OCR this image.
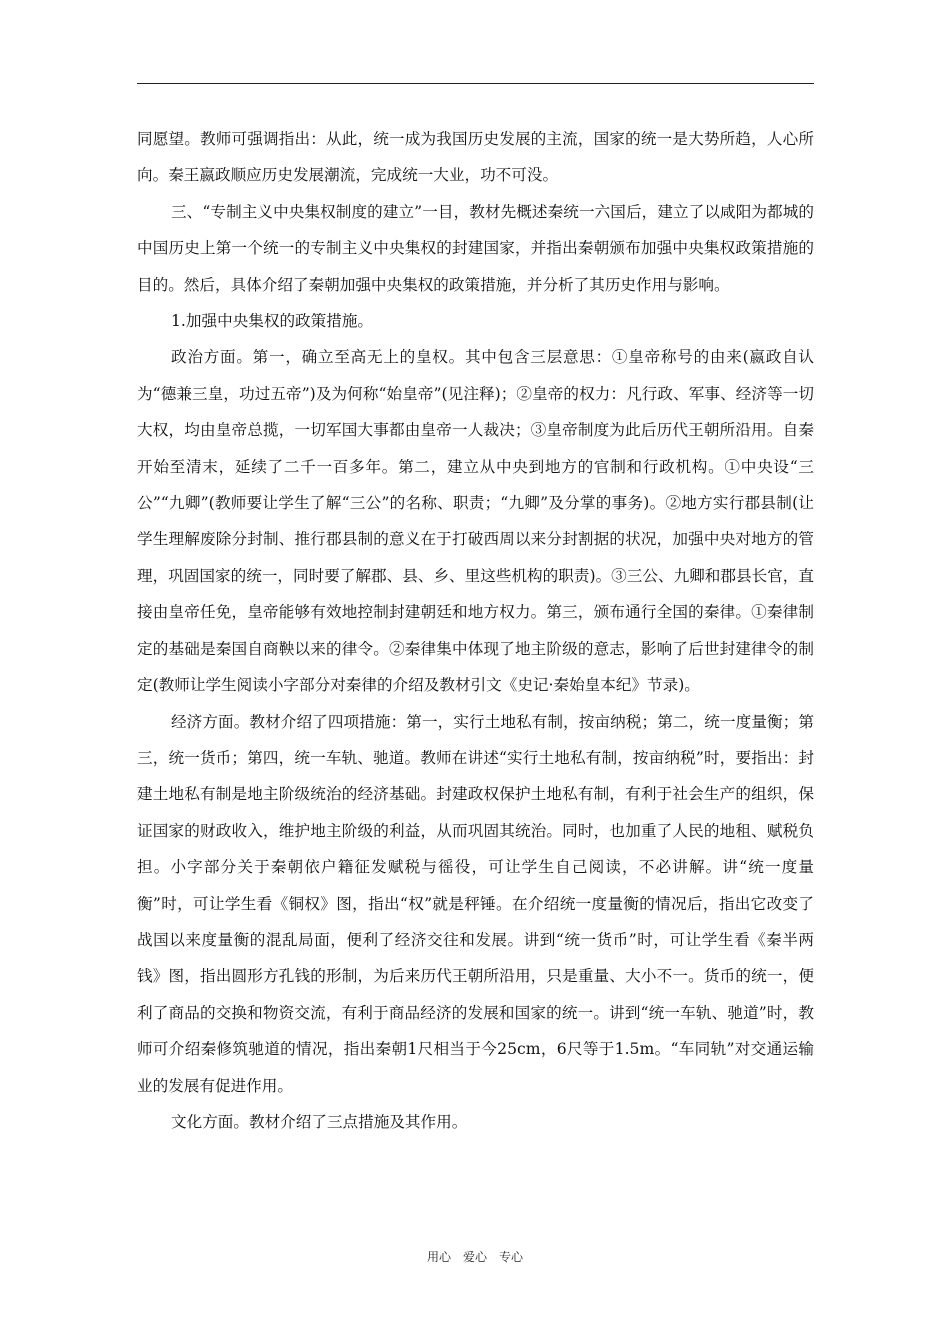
同愿望。教师可强调指出：从此，统一成为我国历史发展的主流，国家的统一是大势所趋，人心所向。秦王嬴政顺应历史发展潮流，完成统一大业，功不可没。

三、“专制主义中央集权制度的建立”一目，教材先概述秦统一六国后，建立了以咸阳为都城的中国历史上第一个统一的专制主义中央集权的封建国家，并指出秦朝颁布加强中央集权政策措施的目的。然后，具体介绍了秦朝加强中央集权的政策措施，并分析了其历史作用与影响。

1.加强中央集权的政策措施。

政治方面。第一，确立至高无上的皇权。其中包含三层意思：①皇帝称号的由来(嬴政自认为“德兼三皇，功过五帝”)及为何称“始皇帝”(见注释)；②皇帝的权力：凡行政、军事、经济等一切大权，均由皇帝总揽，一切军国大事都由皇帝一人裁决；③皇帝制度为此后历代王朝所沿用。自秦开始至清末，延续了二千一百多年。第二，建立从中央到地方的官制和行政机构。①中央设“三公”“九卿”(教师要让学生了解“三公”的名称、职责；“九卿”及分掌的事务)。②地方实行郡县制(让学生理解废除分封制、推行郡县制的意义在于打破西周以来分封割据的状况，加强中央对地方的管理，巩固国家的统一，同时要了解郡、县、乡、里这些机构的职责)。③三公、九卿和郡县长官，直接由皇帝任免，皇帝能够有效地控制封建朝廷和地方权力。第三，颁布通行全国的秦律。①秦律制定的基础是秦国自商鞅以来的律令。②秦律集中体现了地主阶级的意志，影响了后世封建律令的制定(教师让学生阅读小字部分对秦律的介绍及教材引文《史记·秦始皇本纪》节录)。

经济方面。教材介绍了四项措施：第一，实行土地私有制，按亩纳税；第二，统一度量衡；第三，统一货币；第四，统一车轨、驰道。教师在讲述“实行土地私有制，按亩纳税”时，要指出：封建土地私有制是地主阶级统治的经济基础。封建政权保护土地私有制，有利于社会生产的组织，保证国家的财政收入，维护地主阶级的利益，从而巩固其统治。同时，也加重了人民的地租、赋税负担。小字部分关于秦朝依户籍征发赋税与徭役，可让学生自己阅读，不必讲解。讲“统一度量衡”时，可让学生看《铜权》图，指出“权”就是秤锤。在介绍统一度量衡的情况后，指出它改变了战国以来度量衡的混乱局面，便利了经济交往和发展。讲到“统一货币”时，可让学生看《秦半两钱》图，指出圆形方孔钱的形制，为后来历代王朝所沿用，只是重量、大小不一。货币的统一，便利了商品的交换和物资交流，有利于商品经济的发展和国家的统一。讲到“统一车轨、驰道”时，教师可介绍秦修筑驰道的情况，指出秦朝1尺相当于今25cm，6尺等于1.5m。“车同轨”对交通运输业的发展有促进作用。

文化方面。教材介绍了三点措施及其作用。

用心　爱心　专心
